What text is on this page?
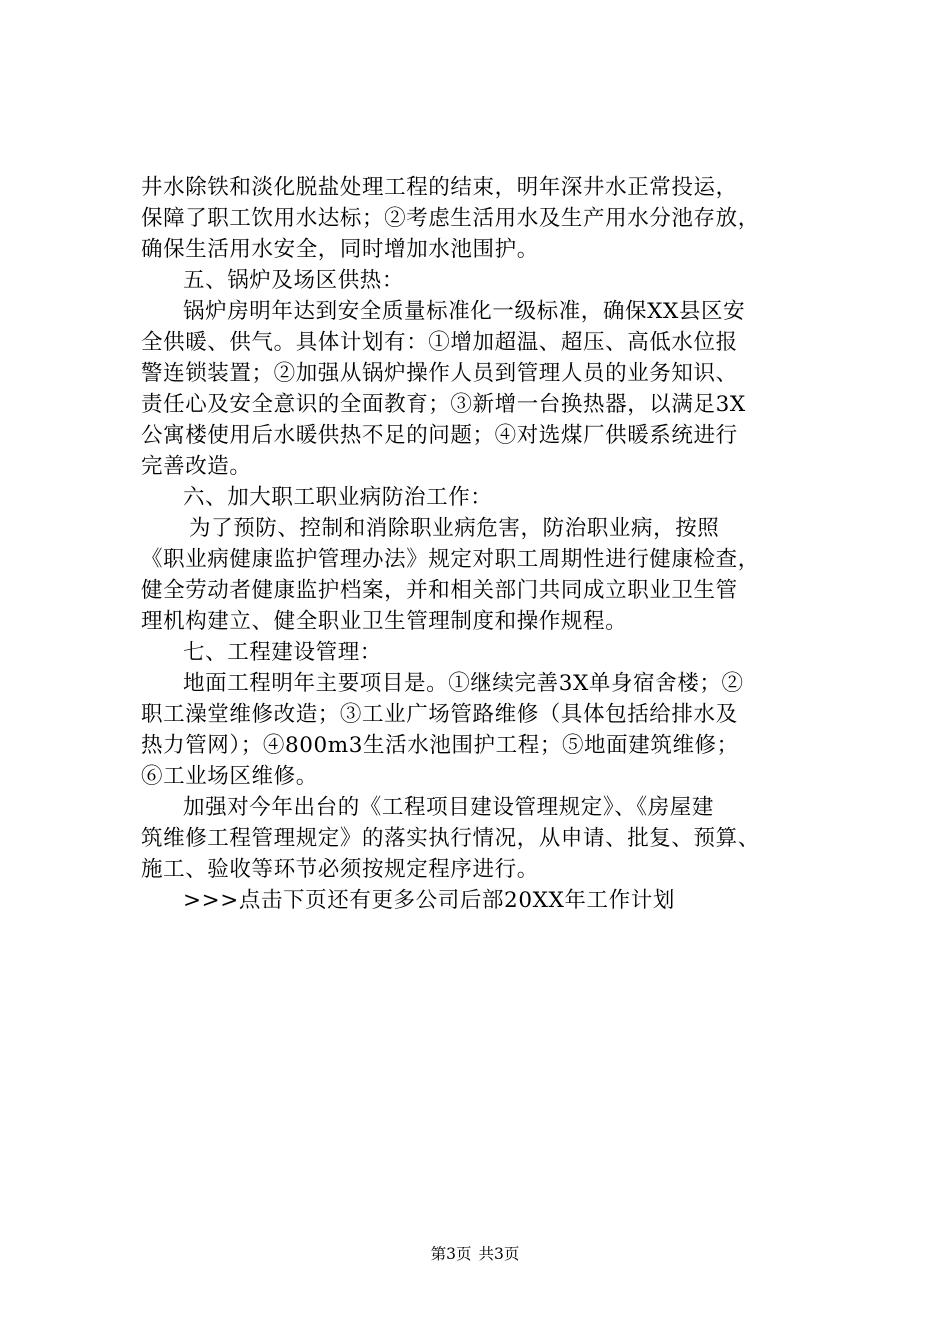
井水除铁和淡化脱盐处理工程的结束，明年深井水正常投运，
保障了职工饮用水达标；②考虑生活用水及生产用水分池存放，
确保生活用水安全，同时增加水池围护。
五、锅炉及场区供热：
锅炉房明年达到安全质量标准化一级标准，确保XX县区安
全供暖、供气。具体计划有：①增加超温、超压、高低水位报
警连锁装置；②加强从锅炉操作人员到管理人员的业务知识、
责任心及安全意识的全面教育；③新增一台换热器，以满足3X
公寓楼使用后水暖供热不足的问题；④对选煤厂供暖系统进行
完善改造。
六、加大职工职业病防治工作：
为了预防、控制和消除职业病危害，防治职业病，按照
《职业病健康监护管理办法》规定对职工周期性进行健康检查，
健全劳动者健康监护档案，并和相关部门共同成立职业卫生管
理机构建立、健全职业卫生管理制度和操作规程。
七、工程建设管理：
地面工程明年主要项目是。①继续完善3X单身宿舍楼；②
职工澡堂维修改造；③工业广场管路维修（具体包括给排水及
热力管网）；④800m3生活水池围护工程；⑤地面建筑维修；
⑥工业场区维修。
加强对今年出台的《工程项目建设管理规定》、《房屋建
筑维修工程管理规定》的落实执行情况，从申请、批复、预算、
施工、验收等环节必须按规定程序进行。
>>>点击下页还有更多公司后部20XX年工作计划
第3页 共3页
